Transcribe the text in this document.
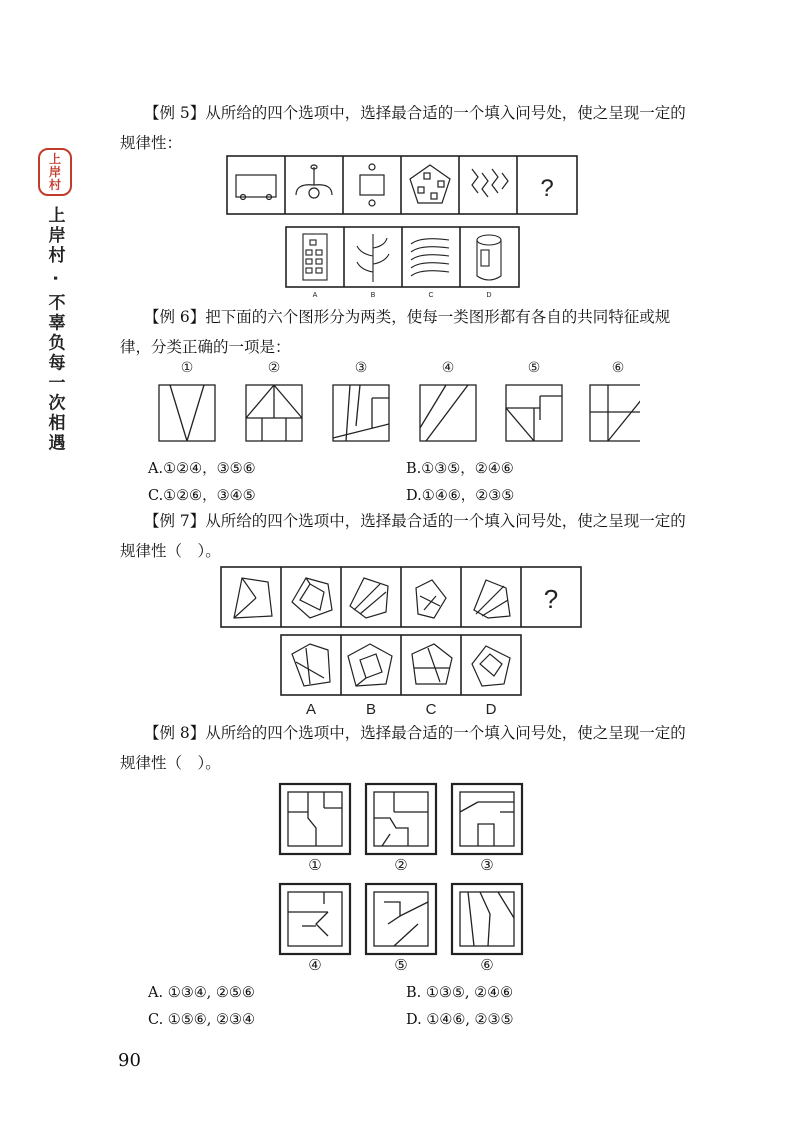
上
岸
村
上岸村 · 不辜负每一次相遇
【例 5】从所给的四个选项中，选择最合适的一个填入问号处，使之呈现一定的规律性：
?
A	B	C	D
【例 6】把下面的六个图形分为两类，使每一类图形都有各自的共同特征或规律，分类正确的一项是：
①	②	③	④	⑤	⑥
A.①②④，③⑤⑥	B.①③⑤，②④⑥
C.①②⑥，③④⑤	D.①④⑥，②③⑤
【例 7】从所给的四个选项中，选择最合适的一个填入问号处，使之呈现一定的规律性（　）。
?
A	B	C	D
【例 8】从所给的四个选项中，选择最合适的一个填入问号处，使之呈现一定的规律性（　）。
①	②	③
④	⑤	⑥
A. ①③④, ②⑤⑥	B. ①③⑤, ②④⑥
C. ①⑤⑥, ②③④	D. ①④⑥, ②③⑤
90
